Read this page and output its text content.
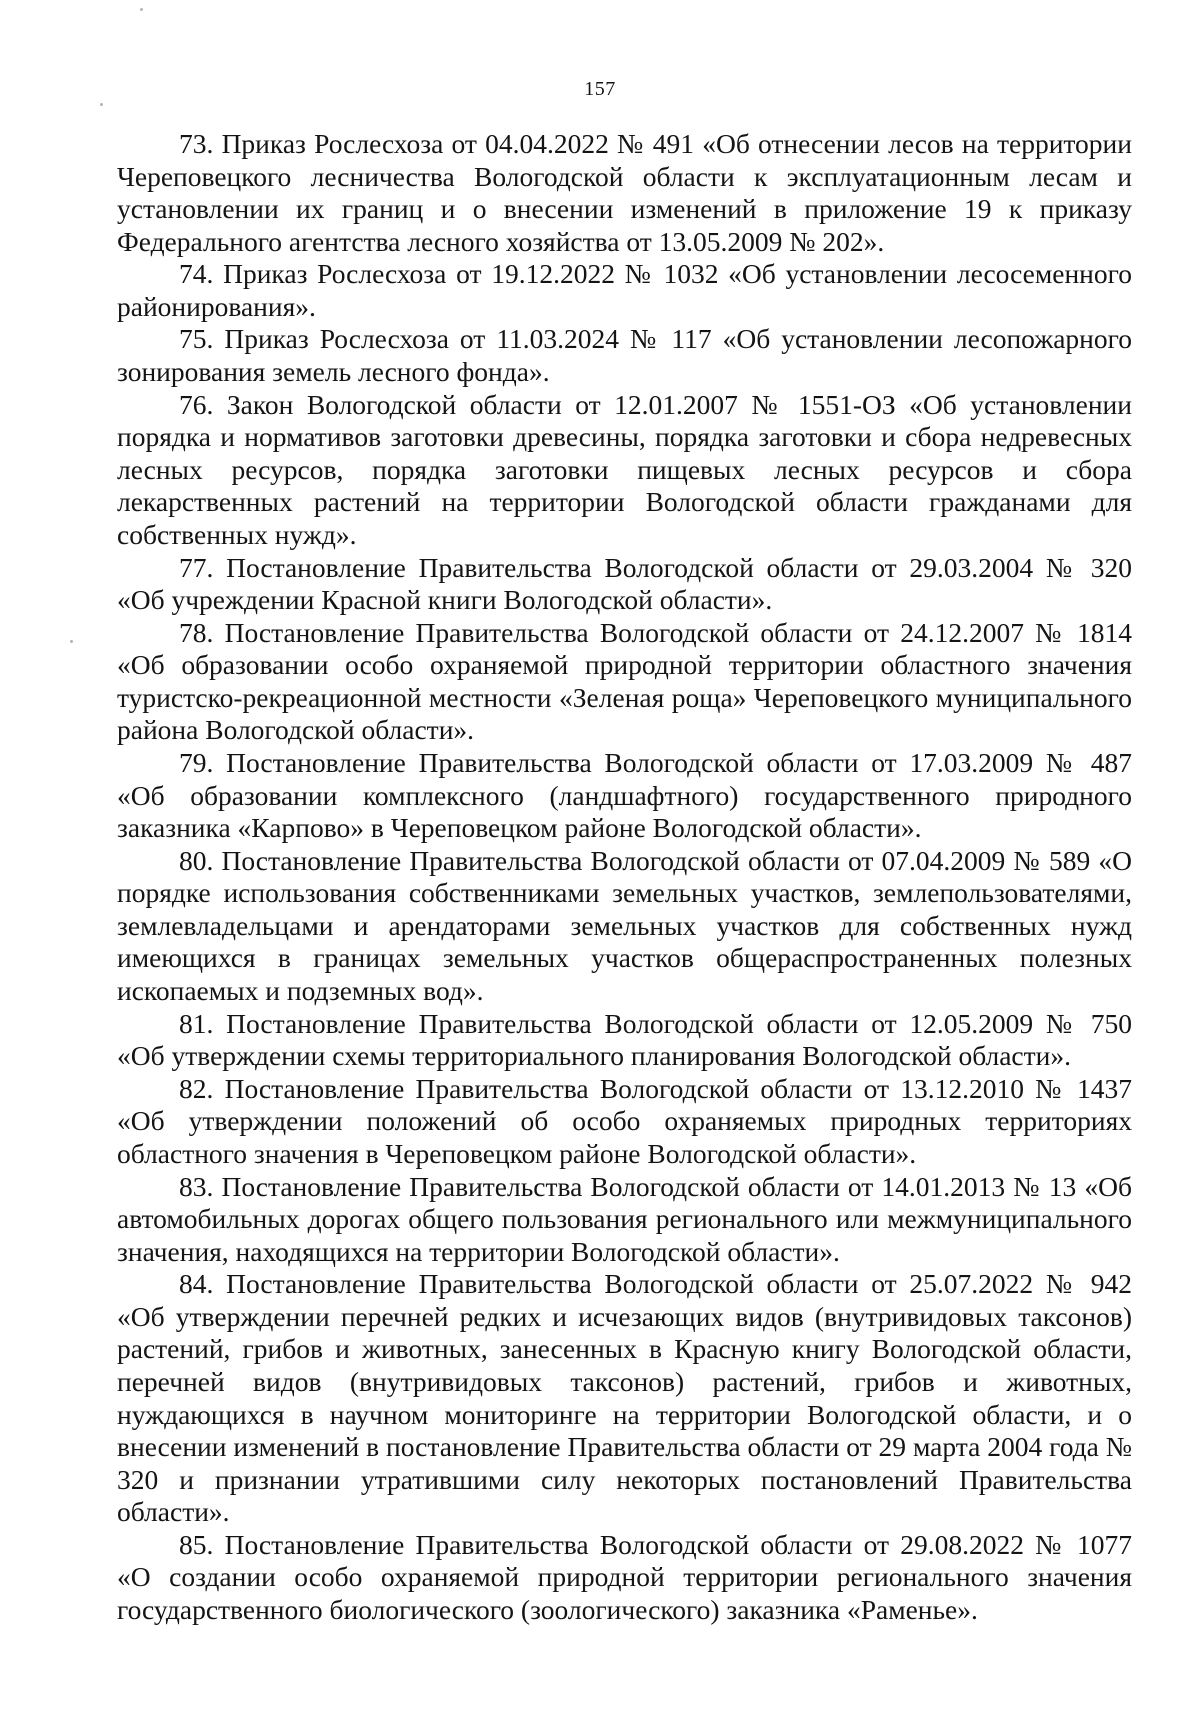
157

73. Приказ Рослесхоза от 04.04.2022 № 491 «Об отнесении лесов на территории Череповецкого лесничества Вологодской области к эксплуатационным лесам и установлении их границ и о внесении изменений в приложение 19 к приказу Федерального агентства лесного хозяйства от 13.05.2009 № 202».

74. Приказ Рослесхоза от 19.12.2022 № 1032 «Об установлении лесосеменного районирования».

75. Приказ Рослесхоза от 11.03.2024 № 117 «Об установлении лесопожарного зонирования земель лесного фонда».

76. Закон Вологодской области от 12.01.2007 № 1551-ОЗ «Об установлении порядка и нормативов заготовки древесины, порядка заготовки и сбора недревесных лесных ресурсов, порядка заготовки пищевых лесных ресурсов и сбора лекарственных растений на территории Вологодской области гражданами для собственных нужд».

77. Постановление Правительства Вологодской области от 29.03.2004 № 320 «Об учреждении Красной книги Вологодской области».

78. Постановление Правительства Вологодской области от 24.12.2007 № 1814 «Об образовании особо охраняемой природной территории областного значения туристско-рекреационной местности «Зеленая роща» Череповецкого муниципального района Вологодской области».

79. Постановление Правительства Вологодской области от 17.03.2009 № 487 «Об образовании комплексного (ландшафтного) государственного природного заказника «Карпово» в Череповецком районе Вологодской области».

80. Постановление Правительства Вологодской области от 07.04.2009 № 589 «О порядке использования собственниками земельных участков, землепользователями, землевладельцами и арендаторами земельных участков для собственных нужд имеющихся в границах земельных участков общераспространенных полезных ископаемых и подземных вод».

81. Постановление Правительства Вологодской области от 12.05.2009 № 750 «Об утверждении схемы территориального планирования Вологодской области».

82. Постановление Правительства Вологодской области от 13.12.2010 № 1437 «Об утверждении положений об особо охраняемых природных территориях областного значения в Череповецком районе Вологодской области».

83. Постановление Правительства Вологодской области от 14.01.2013 № 13 «Об автомобильных дорогах общего пользования регионального или межмуниципального значения, находящихся на территории Вологодской области».

84. Постановление Правительства Вологодской области от 25.07.2022 № 942 «Об утверждении перечней редких и исчезающих видов (внутривидовых таксонов) растений, грибов и животных, занесенных в Красную книгу Вологодской области, перечней видов (внутривидовых таксонов) растений, грибов и животных, нуждающихся в научном мониторинге на территории Вологодской области, и о внесении изменений в постановление Правительства области от 29 марта 2004 года № 320 и признании утратившими силу некоторых постановлений Правительства области».

85. Постановление Правительства Вологодской области от 29.08.2022 № 1077 «О создании особо охраняемой природной территории регионального значения государственного биологического (зоологического) заказника «Раменье».
